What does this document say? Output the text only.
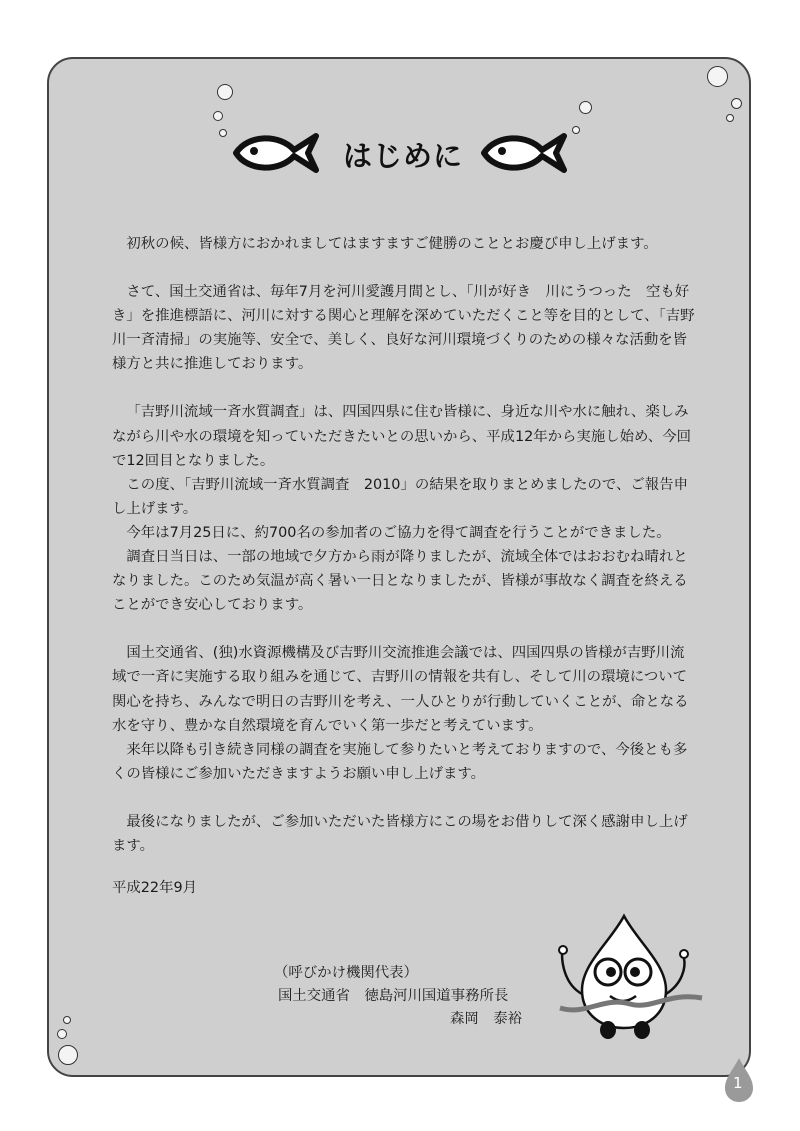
はじめに

初秋の候、皆様方におかれましてはますますご健勝のこととお慶び申し上げます。

さて、国土交通省は、毎年7月を河川愛護月間とし、「川が好き　川にうつった　空も好き」を推進標語に、河川に対する関心と理解を深めていただくこと等を目的として、「吉野川一斉清掃」の実施等、安全で、美しく、良好な河川環境づくりのための様々な活動を皆様方と共に推進しております。

「吉野川流域一斉水質調査」は、四国四県に住む皆様に、身近な川や水に触れ、楽しみながら川や水の環境を知っていただきたいとの思いから、平成12年から実施し始め、今回で12回目となりました。

この度、「吉野川流域一斉水質調査　2010」の結果を取りまとめましたので、ご報告申し上げます。

今年は7月25日に、約700名の参加者のご協力を得て調査を行うことができました。

調査日当日は、一部の地域で夕方から雨が降りましたが、流域全体ではおおむね晴れとなりました。このため気温が高く暑い一日となりましたが、皆様が事故なく調査を終えることができ安心しております。

国土交通省、(独)水資源機構及び吉野川交流推進会議では、四国四県の皆様が吉野川流域で一斉に実施する取り組みを通じて、吉野川の情報を共有し、そして川の環境について関心を持ち、みんなで明日の吉野川を考え、一人ひとりが行動していくことが、命となる水を守り、豊かな自然環境を育んでいく第一歩だと考えています。

来年以降も引き続き同様の調査を実施して参りたいと考えておりますので、今後とも多くの皆様にご参加いただきますようお願い申し上げます。

最後になりましたが、ご参加いただいた皆様方にこの場をお借りして深く感謝申し上げます。

平成22年9月
（呼びかけ機関代表）
国土交通省　徳島河川国道事務所長
森岡　泰裕
1
